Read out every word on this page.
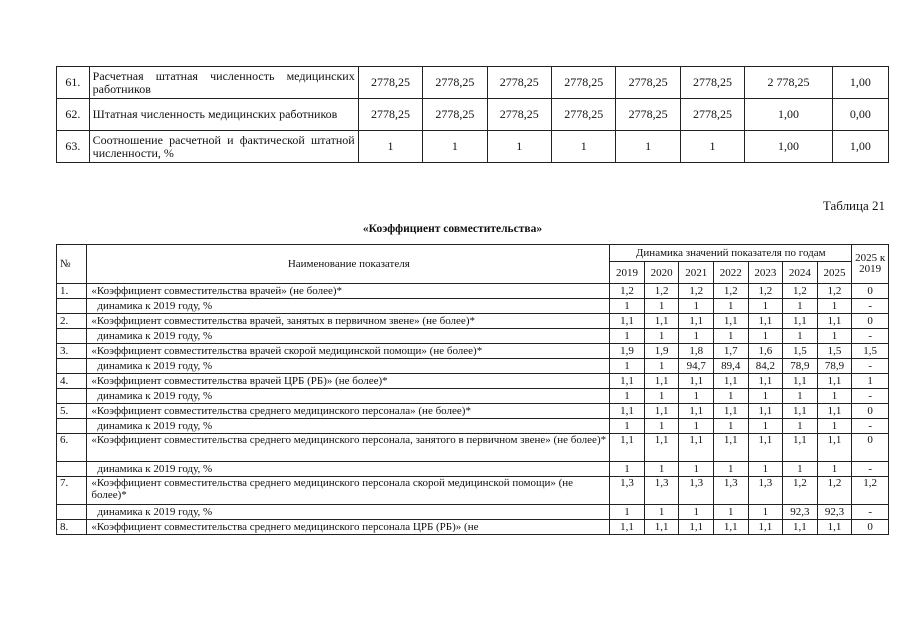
61.	Расчетная штатная численность медицинских работников	2778,25	2778,25	2778,25	2778,25	2778,25	2778,25	2 778,25	1,00
62.	Штатная численность медицинских работников	2778,25	2778,25	2778,25	2778,25	2778,25	2778,25	1,00	0,00
63.	Соотношение расчетной и фактической штатной численности, %	1	1	1	1	1	1	1,00	1,00
Таблица 21
«Коэффициент совместительства»
№	Наименование показателя	Динамика значений показателя по годам							2025 к 2019
		2019	2020	2021	2022	2023	2024	2025	
1.	«Коэффициент совместительства врачей» (не более)*	1,2	1,2	1,2	1,2	1,2	1,2	1,2	0
	динамика к 2019 году, %	1	1	1	1	1	1	1	-
2.	«Коэффициент совместительства врачей, занятых в первичном звене» (не более)*	1,1	1,1	1,1	1,1	1,1	1,1	1,1	0
	динамика к 2019 году, %	1	1	1	1	1	1	1	-
3.	«Коэффициент совместительства врачей скорой медицинской помощи» (не более)*	1,9	1,9	1,8	1,7	1,6	1,5	1,5	1,5
	динамика к 2019 году, %	1	1	94,7	89,4	84,2	78,9	78,9	-
4.	«Коэффициент совместительства врачей ЦРБ (РБ)» (не более)*	1,1	1,1	1,1	1,1	1,1	1,1	1,1	1
	динамика к 2019 году, %	1	1	1	1	1	1	1	-
5.	«Коэффициент совместительства среднего медицинского персонала» (не более)*	1,1	1,1	1,1	1,1	1,1	1,1	1,1	0
	динамика к 2019 году, %	1	1	1	1	1	1	1	-
6.	«Коэффициент совместительства среднего медицинского персонала, занятого в первичном звене» (не более)*	1,1	1,1	1,1	1,1	1,1	1,1	1,1	0
	динамика к 2019 году, %	1	1	1	1	1	1	1	-
7.	«Коэффициент совместительства среднего медицинского персонала скорой медицинской помощи» (не более)*	1,3	1,3	1,3	1,3	1,3	1,2	1,2	1,2
	динамика к 2019 году, %	1	1	1	1	1	92,3	92,3	-
8.	«Коэффициент совместительства среднего медицинского персонала ЦРБ (РБ)» (не	1,1	1,1	1,1	1,1	1,1	1,1	1,1	0
